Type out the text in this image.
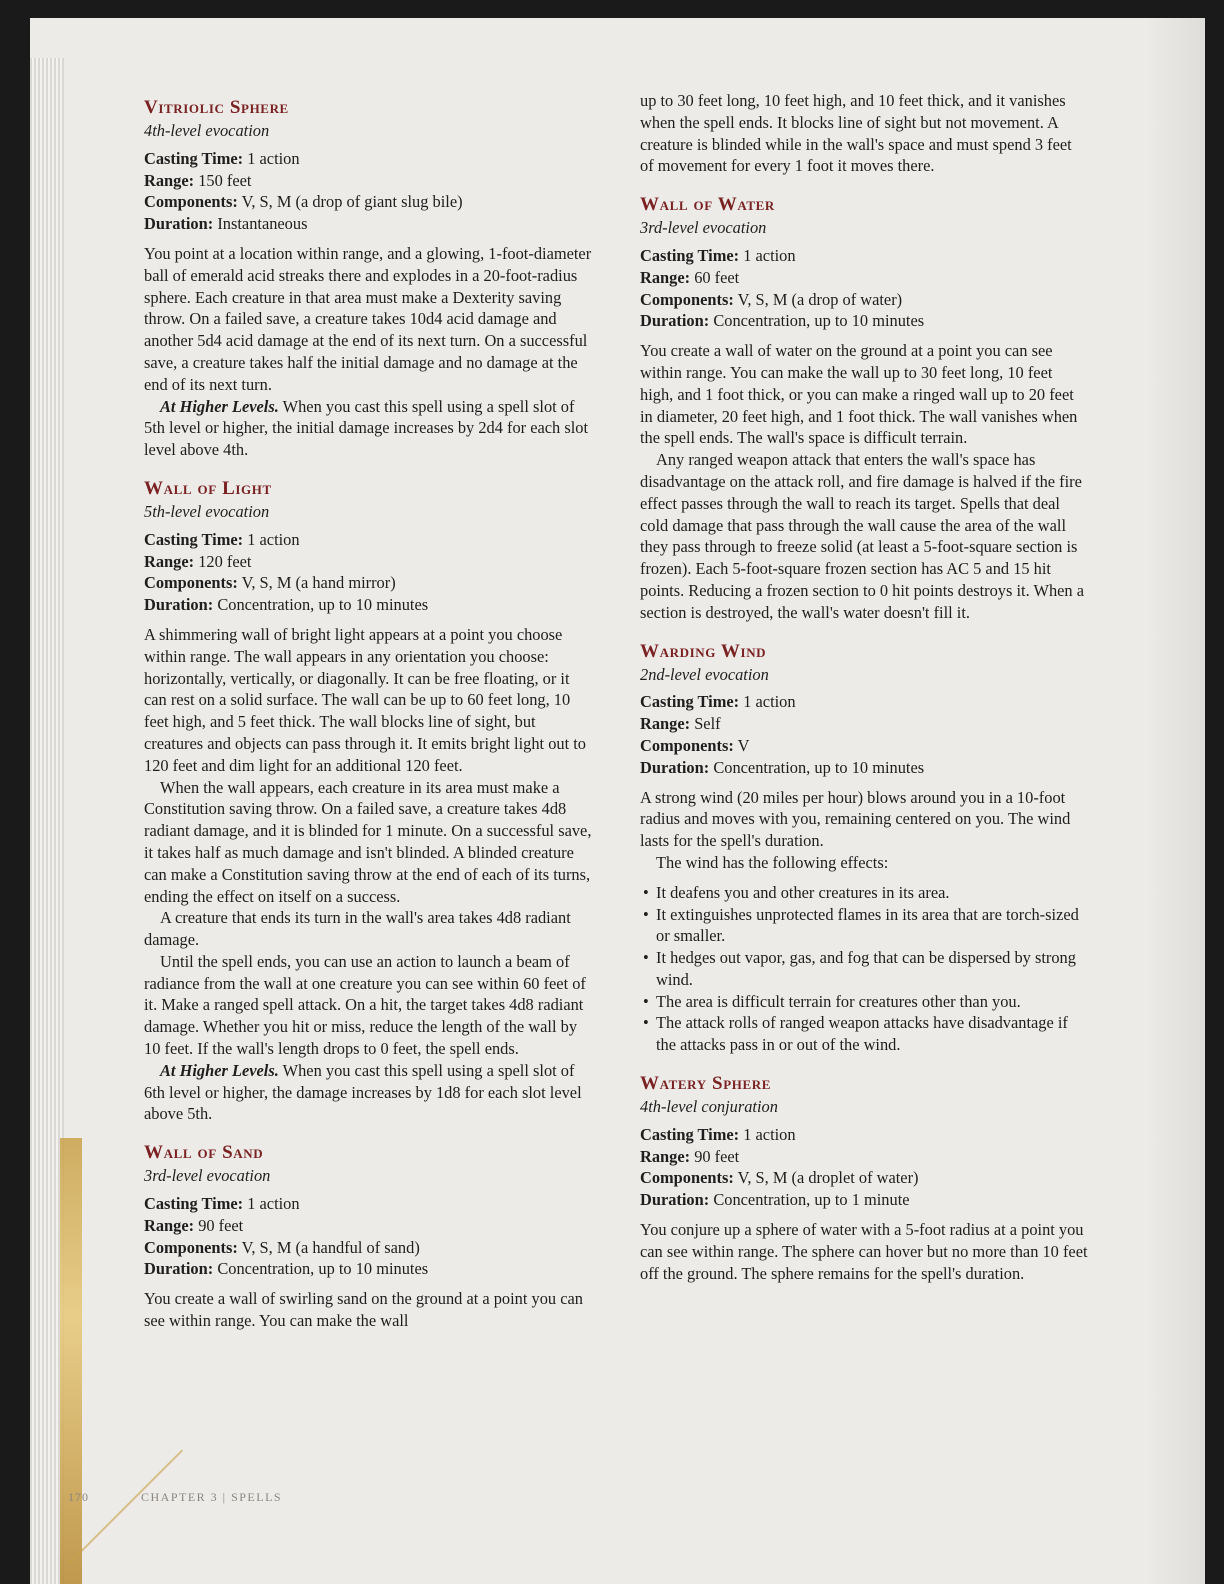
Vitriolic Sphere
4th-level evocation
Casting Time: 1 action
Range: 150 feet
Components: V, S, M (a drop of giant slug bile)
Duration: Instantaneous

You point at a location within range, and a glowing, 1-foot-diameter ball of emerald acid streaks there and explodes in a 20-foot-radius sphere. Each creature in that area must make a Dexterity saving throw. On a failed save, a creature takes 10d4 acid damage and another 5d4 acid damage at the end of its next turn. On a successful save, a creature takes half the initial damage and no damage at the end of its next turn.

At Higher Levels. When you cast this spell using a spell slot of 5th level or higher, the initial damage increases by 2d4 for each slot level above 4th.

Wall of Light
5th-level evocation
Casting Time: 1 action
Range: 120 feet
Components: V, S, M (a hand mirror)
Duration: Concentration, up to 10 minutes

A shimmering wall of bright light appears at a point you choose within range. The wall appears in any orientation you choose: horizontally, vertically, or diagonally. It can be free floating, or it can rest on a solid surface. The wall can be up to 60 feet long, 10 feet high, and 5 feet thick. The wall blocks line of sight, but creatures and objects can pass through it. It emits bright light out to 120 feet and dim light for an additional 120 feet.

When the wall appears, each creature in its area must make a Constitution saving throw. On a failed save, a creature takes 4d8 radiant damage, and it is blinded for 1 minute. On a successful save, it takes half as much damage and isn't blinded. A blinded creature can make a Constitution saving throw at the end of each of its turns, ending the effect on itself on a success.

A creature that ends its turn in the wall's area takes 4d8 radiant damage.

Until the spell ends, you can use an action to launch a beam of radiance from the wall at one creature you can see within 60 feet of it. Make a ranged spell attack. On a hit, the target takes 4d8 radiant damage. Whether you hit or miss, reduce the length of the wall by 10 feet. If the wall's length drops to 0 feet, the spell ends.

At Higher Levels. When you cast this spell using a spell slot of 6th level or higher, the damage increases by 1d8 for each slot level above 5th.

Wall of Sand
3rd-level evocation
Casting Time: 1 action
Range: 90 feet
Components: V, S, M (a handful of sand)
Duration: Concentration, up to 10 minutes

You create a wall of swirling sand on the ground at a point you can see within range. You can make the wall

up to 30 feet long, 10 feet high, and 10 feet thick, and it vanishes when the spell ends. It blocks line of sight but not movement. A creature is blinded while in the wall's space and must spend 3 feet of movement for every 1 foot it moves there.

Wall of Water
3rd-level evocation
Casting Time: 1 action
Range: 60 feet
Components: V, S, M (a drop of water)
Duration: Concentration, up to 10 minutes

You create a wall of water on the ground at a point you can see within range. You can make the wall up to 30 feet long, 10 feet high, and 1 foot thick, or you can make a ringed wall up to 20 feet in diameter, 20 feet high, and 1 foot thick. The wall vanishes when the spell ends. The wall's space is difficult terrain.

Any ranged weapon attack that enters the wall's space has disadvantage on the attack roll, and fire damage is halved if the fire effect passes through the wall to reach its target. Spells that deal cold damage that pass through the wall cause the area of the wall they pass through to freeze solid (at least a 5-foot-square section is frozen). Each 5-foot-square frozen section has AC 5 and 15 hit points. Reducing a frozen section to 0 hit points destroys it. When a section is destroyed, the wall's water doesn't fill it.

Warding Wind
2nd-level evocation
Casting Time: 1 action
Range: Self
Components: V
Duration: Concentration, up to 10 minutes

A strong wind (20 miles per hour) blows around you in a 10-foot radius and moves with you, remaining centered on you. The wind lasts for the spell's duration.

The wind has the following effects:

• It deafens you and other creatures in its area.
• It extinguishes unprotected flames in its area that are torch-sized or smaller.
• It hedges out vapor, gas, and fog that can be dispersed by strong wind.
• The area is difficult terrain for creatures other than you.
• The attack rolls of ranged weapon attacks have disadvantage if the attacks pass in or out of the wind.
Watery Sphere
4th-level conjuration
Casting Time: 1 action
Range: 90 feet
Components: V, S, M (a droplet of water)
Duration: Concentration, up to 1 minute

You conjure up a sphere of water with a 5-foot radius at a point you can see within range. The sphere can hover but no more than 10 feet off the ground. The sphere remains for the spell's duration.

170	CHAPTER 3 | SPELLS
